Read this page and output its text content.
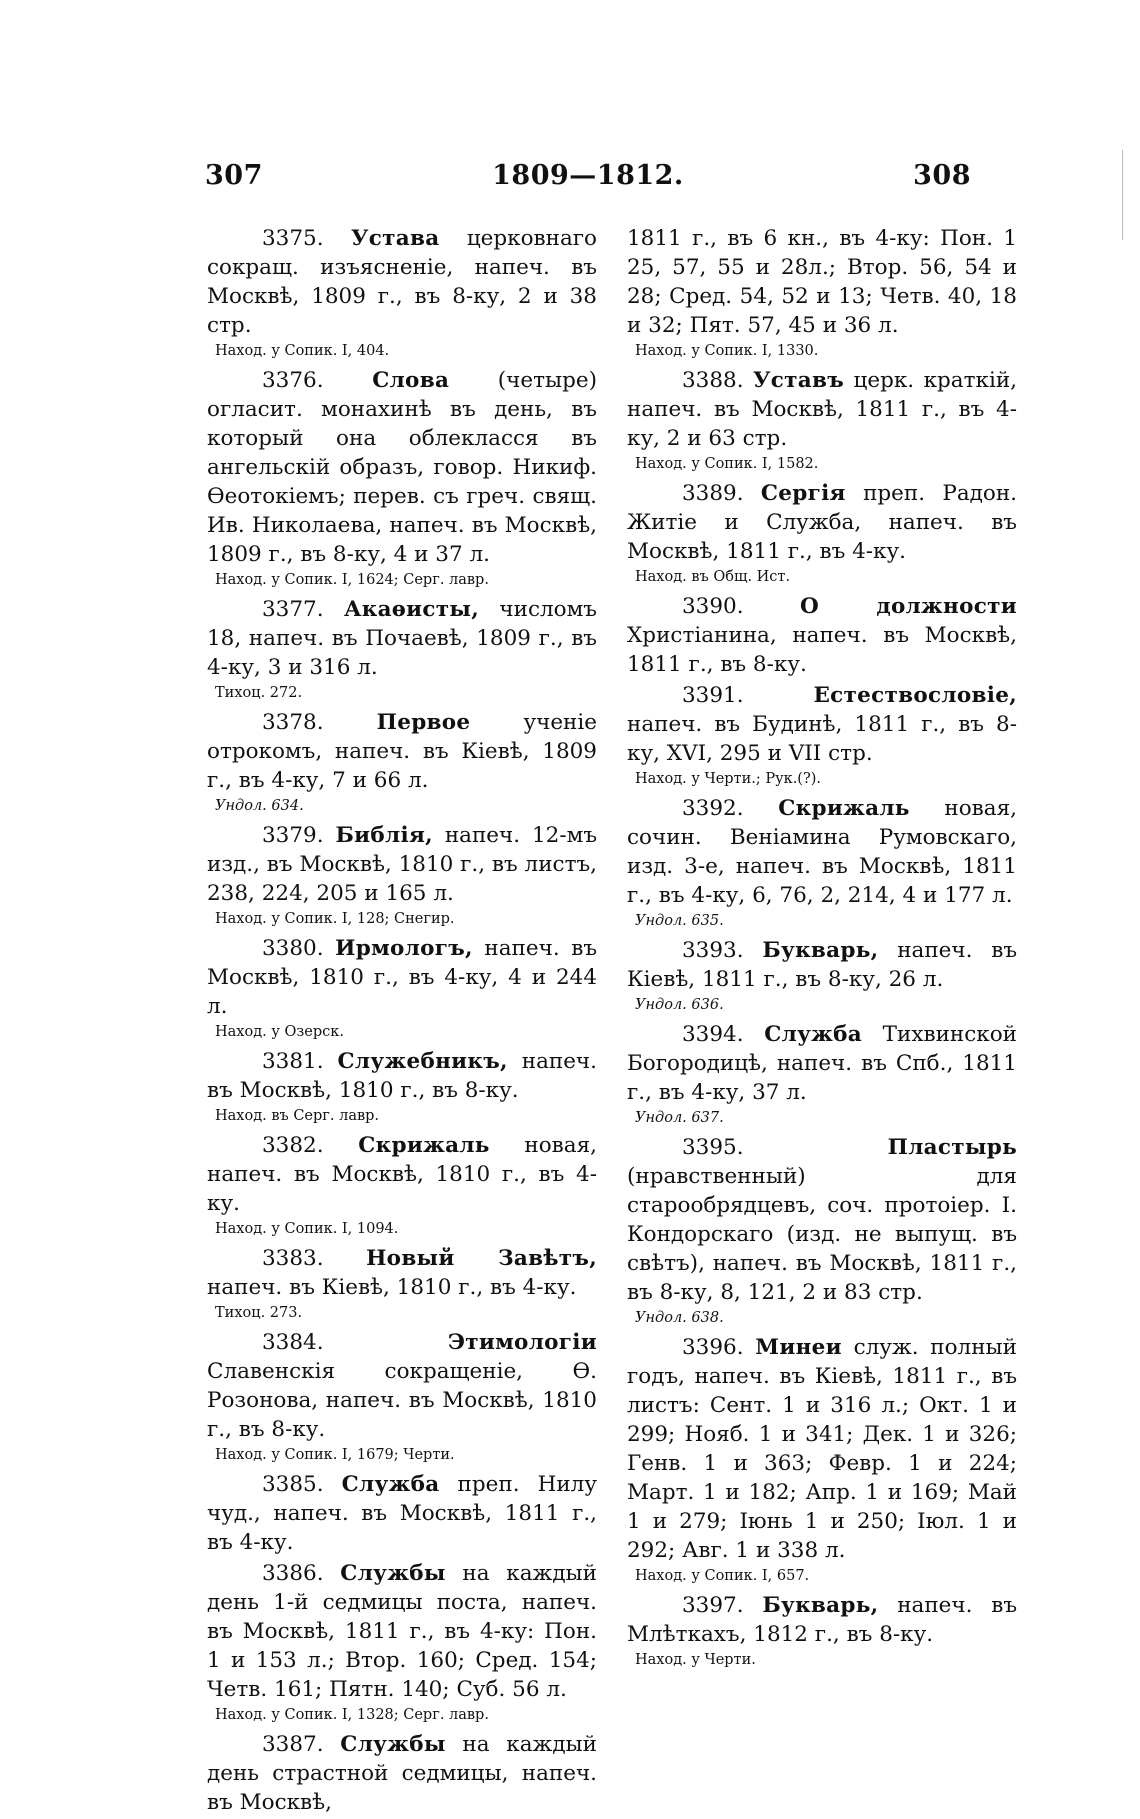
1809—1812.
307	308
3375. Устава церковнаго сокращ. изъясненіе, напеч. въ Москвѣ, 1809 г., въ 8-ку, 2 и 38 стр.
Наход. у Сопик. I, 404.
3376. Слова (четыре) огласит. монахинѣ въ день, въ который она облекласся въ ангельскій образъ, говор. Никиф. Ѳеотокіемъ; перев. съ греч. свящ. Ив. Николаева, напеч. въ Москвѣ, 1809 г., въ 8-ку, 4 и 37 л.
Наход. у Сопик. I, 1624; Серг. лавр.
3377. Акаѳисты, числомъ 18, напеч. въ Почаевѣ, 1809 г., въ 4-ку, 3 и 316 л.
Тихоц. 272.
3378. Первое ученіе отрокомъ, напеч. въ Кіевѣ, 1809 г., въ 4-ку, 7 и 66 л.
Ундол. 634.
3379. Библія, напеч. 12-мъ изд., въ Москвѣ, 1810 г., въ листъ, 238, 224, 205 и 165 л.
Наход. у Сопик. I, 128; Снегир.
3380. Ирмологъ, напеч. въ Москвѣ, 1810 г., въ 4-ку, 4 и 244 л.
Наход. у Озерск.
3381. Служебникъ, напеч. въ Москвѣ, 1810 г., въ 8-ку.
Наход. въ Серг. лавр.
3382. Скрижаль новая, напеч. въ Москвѣ, 1810 г., въ 4-ку.
Наход. у Сопик. I, 1094.
3383. Новый Завѣтъ, напеч. въ Кіевѣ, 1810 г., въ 4-ку.
Тихоц. 273.
3384.	Этимологіи Славенскія сокращеніе, Ѳ. Розонова, напеч. въ Москвѣ, 1810 г., въ 8-ку.
Наход. у Сопик. I, 1679; Черти.
3385. Служба преп. Нилу чуд., напеч. въ Москвѣ, 1811 г., въ 4-ку.
3386. Службы на каждый день 1-й седмицы поста, напеч. въ Москвѣ, 1811 г., въ 4-ку: Пон. 1 и 153 л.; Втор. 160; Сред. 154; Четв. 161; Пятн. 140; Суб. 56 л.
Наход. у Сопик. I, 1328; Серг. лавр.
3387. Службы на каждый день страстной седмицы, напеч. въ Москвѣ,
1811 г., въ 6 кн., въ 4-ку: Пон. 1 25, 57, 55 и 28л.; Втор. 56, 54 и 28; Сред. 54, 52 и 13; Четв. 40, 18 и 32; Пят. 57, 45 и 36 л.
Наход. у Сопик. I, 1330.
3388. Уставъ церк. краткій, напеч. въ Москвѣ, 1811 г., въ 4-ку, 2 и 63 стр.
Наход. у Сопик. I, 1582.
3389. Сергія преп. Радон. Житіе и Служба, напеч. въ Москвѣ, 1811 г., въ 4-ку.
Наход. въ Общ. Ист.
3390.	О должности Христіанина, напеч. въ Москвѣ, 1811 г., въ 8-ку.
3391.	Естествословіе, напеч. въ Будинѣ, 1811 г., въ 8-ку, XVI, 295 и VII стр.
Наход. у Черти.; Рук.(?).
3392. Скрижаль новая, сочин. Веніамина Румовскаго, изд. 3-е, напеч. въ Москвѣ, 1811 г., въ 4-ку, 6, 76, 2, 214, 4 и 177 л.
Ундол. 635.
3393. Букварь, напеч. въ Кіевѣ, 1811 г., въ 8-ку, 26 л.
Ундол. 636.
3394. Служба Тихвинской Богородицѣ, напеч. въ Спб., 1811 г., въ 4-ку, 37 л.
Ундол. 637.
3395.	Пластырь (нравственный) для старообрядцевъ, соч. протоіер. І. Кондорскаго (изд. не выпущ. въ свѣтъ), напеч. въ Москвѣ, 1811 г., въ 8-ку, 8, 121, 2 и 83 стр.
Ундол. 638.
3396. Минеи служ. полный годъ, напеч. въ Кіевѣ, 1811 г., въ листъ: Сент. 1 и 316 л.; Окт. 1 и 299; Нояб. 1 и 341; Дек. 1 и 326; Генв. 1 и 363; Февр. 1 и 224; Март. 1 и 182; Апр. 1 и 169; Май 1 и 279; Іюнь 1 и 250; Іюл. 1 и 292; Авг. 1 и 338 л.
Наход. у Сопик. I, 657.
3397. Букварь, напеч. въ Млѣткахъ, 1812 г., въ 8-ку.
Наход. у Черти.
